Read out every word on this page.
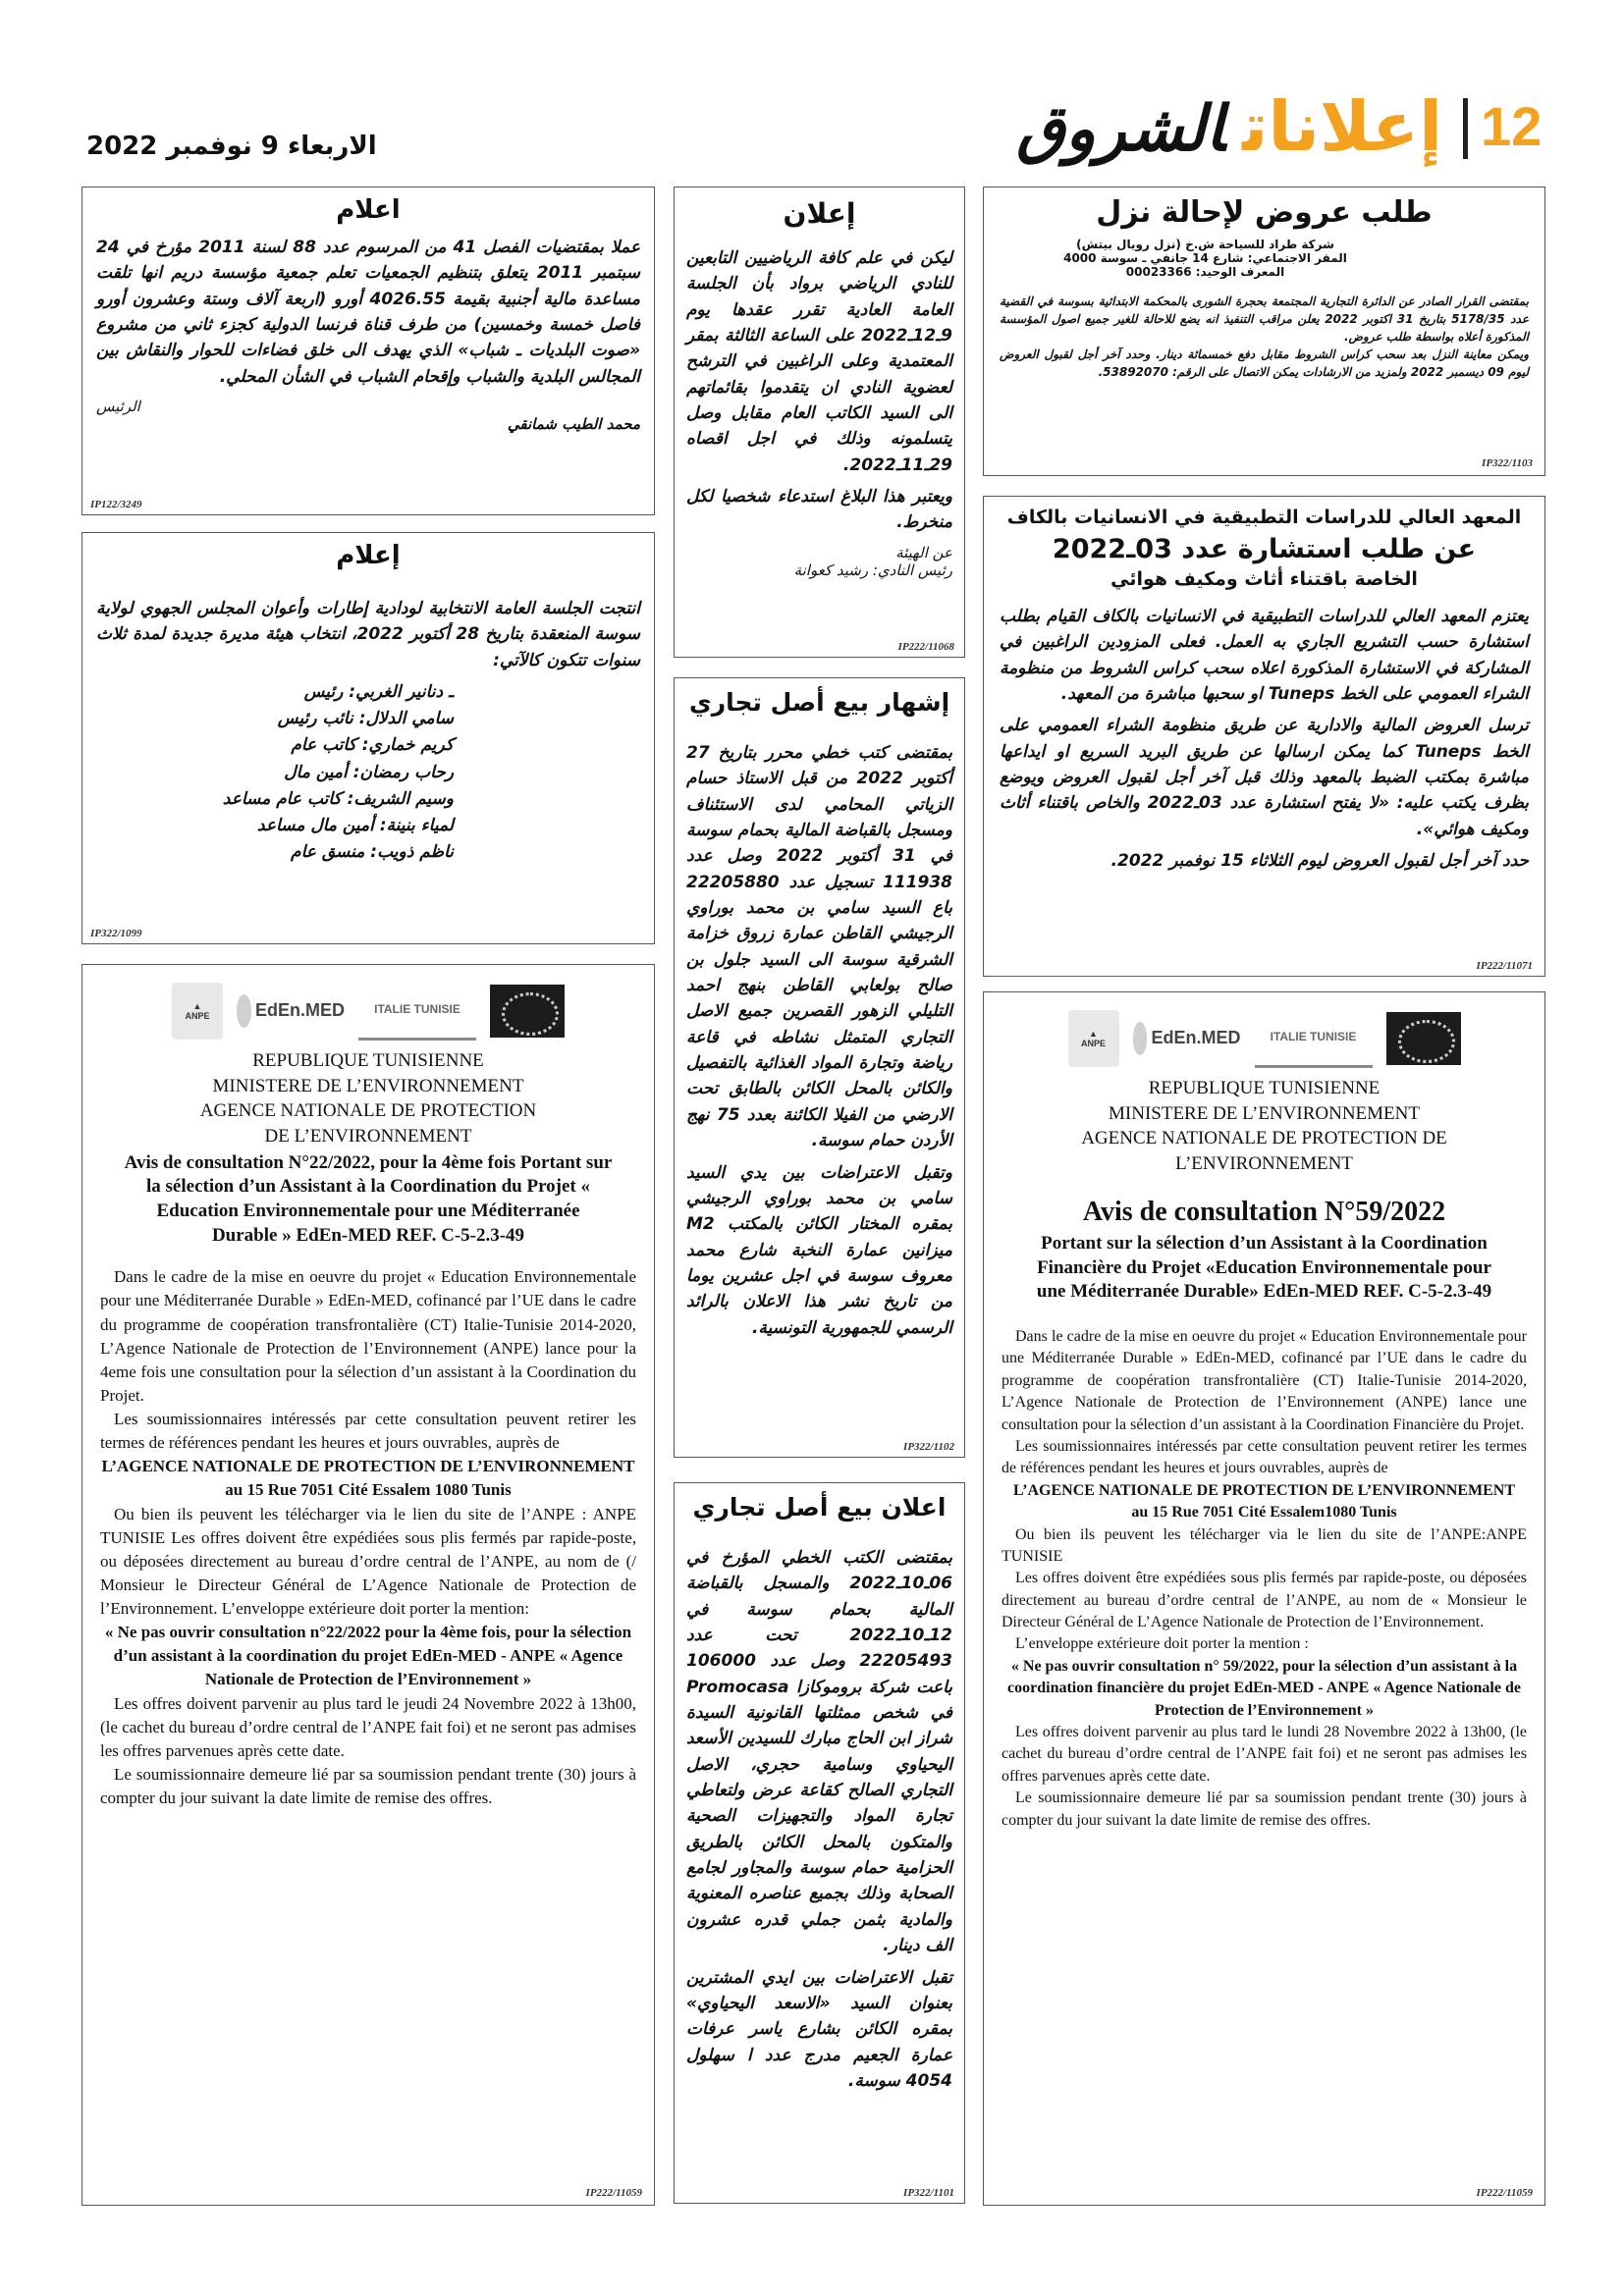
12
إعلاناتالشروق
الاربعاء 9 نوفمبر 2022
طلب عروض لإحالة نزل
شركة طراد للسياحة ش.خ (نزل رويال بيتش)
المقر الاجتماعي: شارع 14 جانفي ـ سوسة 4000
المعرف الوحيد: 00023366
بمقتضى القرار الصادر عن الدائرة التجارية المجتمعة بحجرة الشورى بالمحكمة الابتدائية بسوسة في القضية عدد 5178/35 بتاريخ 31 اكتوبر 2022 يعلن مراقب التنفيذ انه يضع للاحالة للغير جميع اصول المؤسسة المذكورة أعلاه بواسطة طلب عروض.
ويمكن معاينة النزل بعد سحب كراس الشروط مقابل دفع خمسمائة دينار. وحدد آخر أجل لقبول العروض ليوم 09 ديسمبر 2022 ولمزيد من الارشادات يمكن الاتصال على الرقم: 53892070.
IP322/1103
المعهد العالي للدراسات التطبيقية في الانسانيات بالكاف
عن طلب استشارة عدد 03ـ2022
الخاصة باقتناء أثاث ومكيف هوائي

يعتزم المعهد العالي للدراسات التطبيقية في الانسانيات بالكاف القيام بطلب استشارة حسب التشريع الجاري به العمل. فعلى المزودين الراغبين في المشاركة في الاستشارة المذكورة اعلاه سحب كراس الشروط من منظومة الشراء العمومي على الخط Tuneps او سحبها مباشرة من المعهد.

ترسل العروض المالية والادارية عن طريق منظومة الشراء العمومي على الخط Tuneps كما يمكن ارسالها عن طريق البريد السريع او ايداعها مباشرة بمكتب الضبط بالمعهد وذلك قبل آخر أجل لقبول العروض ويوضع بظرف يكتب عليه: «لا يفتح استشارة عدد 03ـ2022 والخاص باقتناء أثاث ومكيف هوائي».

حدد آخر أجل لقبول العروض ليوم الثلاثاء 15 نوفمبر 2022.

IP222/11071
إعلان

ليكن في علم كافة الرياضيين التابعين للنادي الرياضي برواد بأن الجلسة العامة العادية تقرر عقدها يوم 9ـ12ـ2022 على الساعة الثالثة بمقر المعتمدية وعلى الراغبين في الترشح لعضوية النادي ان يتقدموا بقائماتهم الى السيد الكاتب العام مقابل وصل يتسلمونه وذلك في اجل اقصاه 29ـ11ـ2022.

ويعتبر هذا البلاغ استدعاء شخصيا لكل منخرط.

عن الهيئة
رئيس النادي: رشيد كعوانة
IP222/11068
إشهار بيع أصل تجاري

بمقتضى كتب خطي محرر بتاريخ 27 أكتوبر 2022 من قبل الاستاذ حسام الزياتي المحامي لدى الاستئناف ومسجل بالقباضة المالية بحمام سوسة في 31 أكتوبر 2022 وصل عدد 111938 تسجيل عدد 22205880 باع السيد سامي بن محمد بوراوي الرجيشي القاطن عمارة زروق خزامة الشرقية سوسة الى السيد جلول بن صالح بولعابي القاطن بنهج احمد التليلي الزهور القصرين جميع الاصل التجاري المتمثل نشاطه في قاعة رياضة وتجارة المواد الغذائية بالتفصيل والكائن بالمحل الكائن بالطابق تحت الارضي من الفيلا الكائنة بعدد 75 نهج الأردن حمام سوسة.

وتقبل الاعتراضات بين يدي السيد سامي بن محمد بوراوي الرجيشي بمقره المختار الكائن بالمكتب M2 ميزانين عمارة النخبة شارع محمد معروف سوسة في اجل عشرين يوما من تاريخ نشر هذا الاعلان بالرائد الرسمي للجمهورية التونسية.

IP322/1102
اعلان بيع أصل تجاري

بمقتضى الكتب الخطي المؤرخ في 06ـ10ـ2022 والمسجل بالقباضة المالية بحمام سوسة في 12ـ10ـ2022 تحت عدد 22205493 وصل عدد 106000 باعت شركة بروموكازا Promocasa في شخص ممثلتها القانونية السيدة شراز ابن الحاج مبارك للسيدين الأسعد اليحياوي وسامية حجري، الاصل التجاري الصالح كقاعة عرض ولتعاطي تجارة المواد والتجهيزات الصحية والمتكون بالمحل الكائن بالطريق الحزامية حمام سوسة والمجاور لجامع الصحابة وذلك بجميع عناصره المعنوية والمادية بثمن جملي قدره عشرون الف دينار.

تقبل الاعتراضات بين ايدي المشترين بعنوان السيد «الاسعد اليحياوي» بمقره الكائن بشارع ياسر عرفات عمارة الجعيم مدرج عدد ا سهلول 4054 سوسة.

IP322/1101
اعلام

عملا بمقتضيات الفصل 41 من المرسوم عدد 88 لسنة 2011 مؤرخ في 24 سبتمبر 2011 يتعلق بتنظيم الجمعيات تعلم جمعية مؤسسة دريم انها تلقت مساعدة مالية أجنبية بقيمة 4026.55 أورو (اربعة آلاف وستة وعشرون أورو فاصل خمسة وخمسين) من طرف قناة فرنسا الدولية كجزء ثاني من مشروع «صوت البلديات ـ شباب» الذي يهدف الى خلق فضاءات للحوار والنقاش بين المجالس البلدية والشباب وإقحام الشباب في الشأن المحلي.

الرئيس
محمد الطيب شمانقي
IP122/3249
إعلام

انتجت الجلسة العامة الانتخابية لودادية إطارات وأعوان المجلس الجهوي لولاية سوسة المنعقدة بتاريخ 28 أكتوبر 2022، انتخاب هيئة مديرة جديدة لمدة ثلاث سنوات تتكون كالآتي:

ـ دنانير الغربي: رئيس
سامي الدلال: نائب رئيس
كريم خماري: كاتب عام
رحاب رمضان: أمين مال
وسيم الشريف: كاتب عام مساعد
لمياء بنينة: أمين مال مساعد
ناظم ذويب: منسق عام
IP322/1099
▲
ANPE	EdEn.MED	ITALIE TUNISIE
REPUBLIQUE TUNISIENNE
MINISTERE DE L’ENVIRONNEMENT
AGENCE NATIONALE DE PROTECTION
DE L’ENVIRONNEMENT
Avis de consultation N°22/2022, pour la 4ème fois Portant sur la sélection d’un Assistant à la Coordination du Projet « Education Environnementale pour une Méditerranée Durable » EdEn-MED REF. C-5-2.3-49

Dans le cadre de la mise en oeuvre du projet « Education Environnementale pour une Méditerranée Durable » EdEn-MED, cofinancé par l’UE dans le cadre du programme de coopération transfrontalière (CT) Italie-Tunisie 2014-2020, L’Agence Nationale de Protection de l’Environnement (ANPE) lance pour la 4eme fois une consultation pour la sélection d’un assistant à la Coordination du Projet.

Les soumissionnaires intéressés par cette consultation peuvent retirer les termes de références pendant les heures et jours ouvrables, auprès de

L’AGENCE NATIONALE DE PROTECTION DE L’ENVIRONNEMENT

au 15 Rue 7051 Cité Essalem 1080 Tunis

Ou bien ils peuvent les télécharger via le lien du site de l’ANPE : ANPE TUNISIE Les offres doivent être expédiées sous plis fermés par rapide-poste, ou déposées directement au bureau d’ordre central de l’ANPE, au nom de (/ Monsieur le Directeur Général de L’Agence Nationale de Protection de l’Environnement. L’enveloppe extérieure doit porter la mention:

« Ne pas ouvrir consultation n°22/2022 pour la 4ème fois, pour la sélection d’un assistant à la coordination du projet EdEn-MED - ANPE « Agence Nationale de Protection de l’Environnement »

Les offres doivent parvenir au plus tard le jeudi 24 Novembre 2022 à 13h00, (le cachet du bureau d’ordre central de l’ANPE fait foi) et ne seront pas admises les offres parvenues après cette date.

Le soumissionnaire demeure lié par sa soumission pendant trente (30) jours à compter du jour suivant la date limite de remise des offres.

IP222/11059
▲
ANPE	EdEn.MED	ITALIE TUNISIE
REPUBLIQUE TUNISIENNE
MINISTERE DE L’ENVIRONNEMENT
AGENCE NATIONALE DE PROTECTION DE
L’ENVIRONNEMENT
Avis de consultation N°59/2022
Portant sur la sélection d’un Assistant à la Coordination Financière du Projet «Education Environnementale pour une Méditerranée Durable» EdEn-MED REF. C-5-2.3-49

Dans le cadre de la mise en oeuvre du projet « Education Environnementale pour une Méditerranée Durable » EdEn-MED, cofinancé par l’UE dans le cadre du programme de coopération transfrontalière (CT) Italie-Tunisie 2014-2020, L’Agence Nationale de Protection de l’Environnement (ANPE) lance une consultation pour la sélection d’un assistant à la Coordination Financière du Projet.

Les soumissionnaires intéressés par cette consultation peuvent retirer les termes de références pendant les heures et jours ouvrables, auprès de

L’AGENCE NATIONALE DE PROTECTION DE L’ENVIRONNEMENT

au 15 Rue 7051 Cité Essalem1080 Tunis

Ou bien ils peuvent les télécharger via le lien du site de l’ANPE:ANPE TUNISIE

Les offres doivent être expédiées sous plis fermés par rapide-poste, ou déposées directement au bureau d’ordre central de l’ANPE, au nom de « Monsieur le Directeur Général de L’Agence Nationale de Protection de l’Environnement.

L’enveloppe extérieure doit porter la mention :

« Ne pas ouvrir consultation n° 59/2022, pour la sélection d’un assistant à la coordination financière du projet EdEn-MED - ANPE « Agence Nationale de Protection de l’Environnement »

Les offres doivent parvenir au plus tard le lundi 28 Novembre 2022 à 13h00, (le cachet du bureau d’ordre central de l’ANPE fait foi) et ne seront pas admises les offres parvenues après cette date.

Le soumissionnaire demeure lié par sa soumission pendant trente (30) jours à compter du jour suivant la date limite de remise des offres.

IP222/11059
